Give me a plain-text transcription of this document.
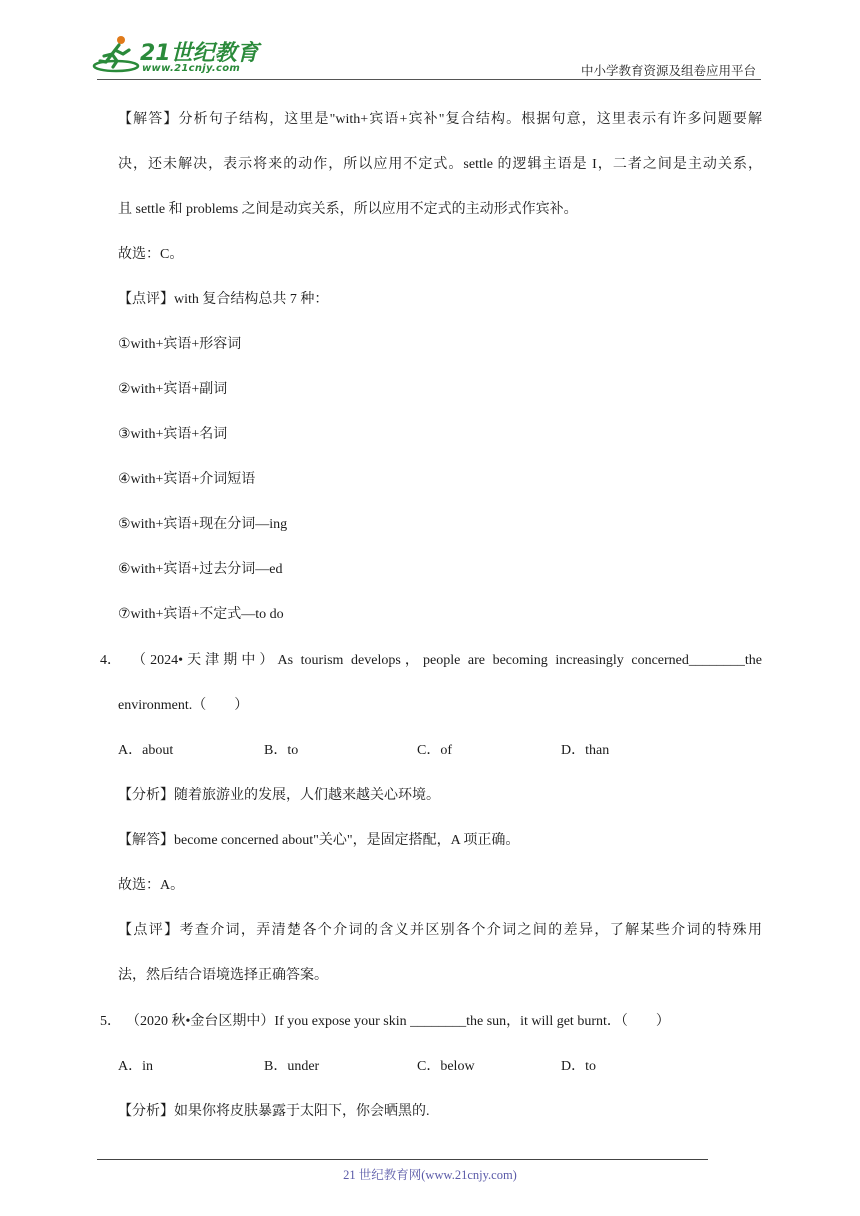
21世纪教育
www.21cnjy.com	中小学教育资源及组卷应用平台
【解答】分析句子结构，这里是"with+宾语+宾补"复合结构。根据句意，这里表示有许多问题要解
决，还未解决，表示将来的动作，所以应用不定式。settle 的逻辑主语是 I，二者之间是主动关系，
且 settle 和 problems 之间是动宾关系，所以应用不定式的主动形式作宾补。
故选：C。
【点评】with 复合结构总共 7 种：
①with+宾语+形容词
②with+宾语+副词
③with+宾语+名词
④with+宾语+介词短语
⑤with+宾语+现在分词—ing
⑥with+宾语+过去分词—ed
⑦with+宾语+不定式—to do
4． （2024•天津期中）As tourism develops，people are becoming increasingly concerned________the
environment.（　　）
A．about	B．to	C．of	D．than
【分析】随着旅游业的发展，人们越来越关心环境。
【解答】become concerned about"关心"，是固定搭配，A 项正确。
故选：A。
【点评】考查介词，弄清楚各个介词的含义并区别各个介词之间的差异，了解某些介词的特殊用
法，然后结合语境选择正确答案。
5． （2020 秋•金台区期中）If you expose your skin ________the sun，it will get burnt．（　　）
A．in	B．under	C．below	D．to
【分析】如果你将皮肤暴露于太阳下，你会晒黑的.
21 世纪教育网(www.21cnjy.com)
